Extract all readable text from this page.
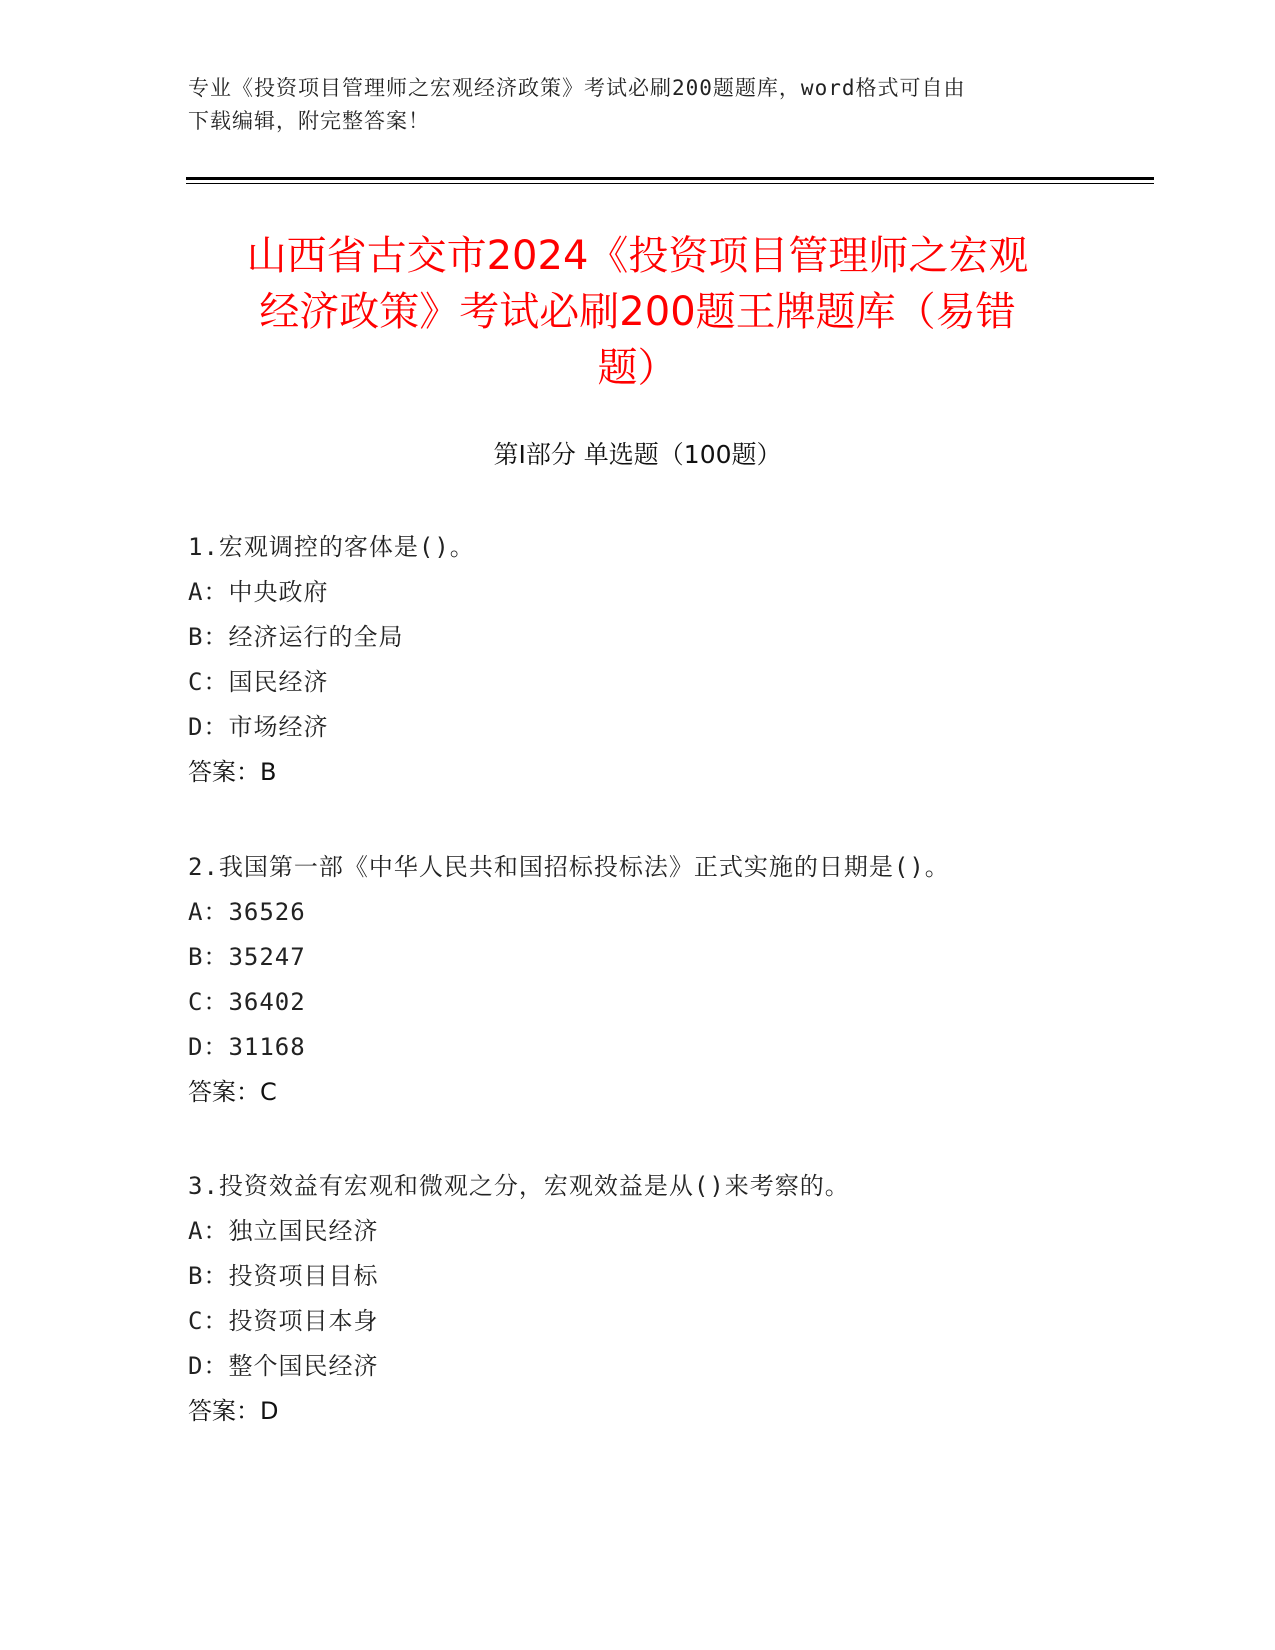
专业《投资项目管理师之宏观经济政策》考试必刷200题题库，word格式可自由
下载编辑，附完整答案！
山西省古交市2024《投资项目管理师之宏观
经济政策》考试必刷200题王牌题库（易错
题）
第Ⅰ部分 单选题（100题）
1.宏观调控的客体是()。
A：中央政府
B：经济运行的全局
C：国民经济
D：市场经济
答案：B
2.我国第一部《中华人民共和国招标投标法》正式实施的日期是()。
A：36526
B：35247
C：36402
D：31168
答案：C
3.投资效益有宏观和微观之分，宏观效益是从()来考察的。
A：独立国民经济
B：投资项目目标
C：投资项目本身
D：整个国民经济
答案：D
